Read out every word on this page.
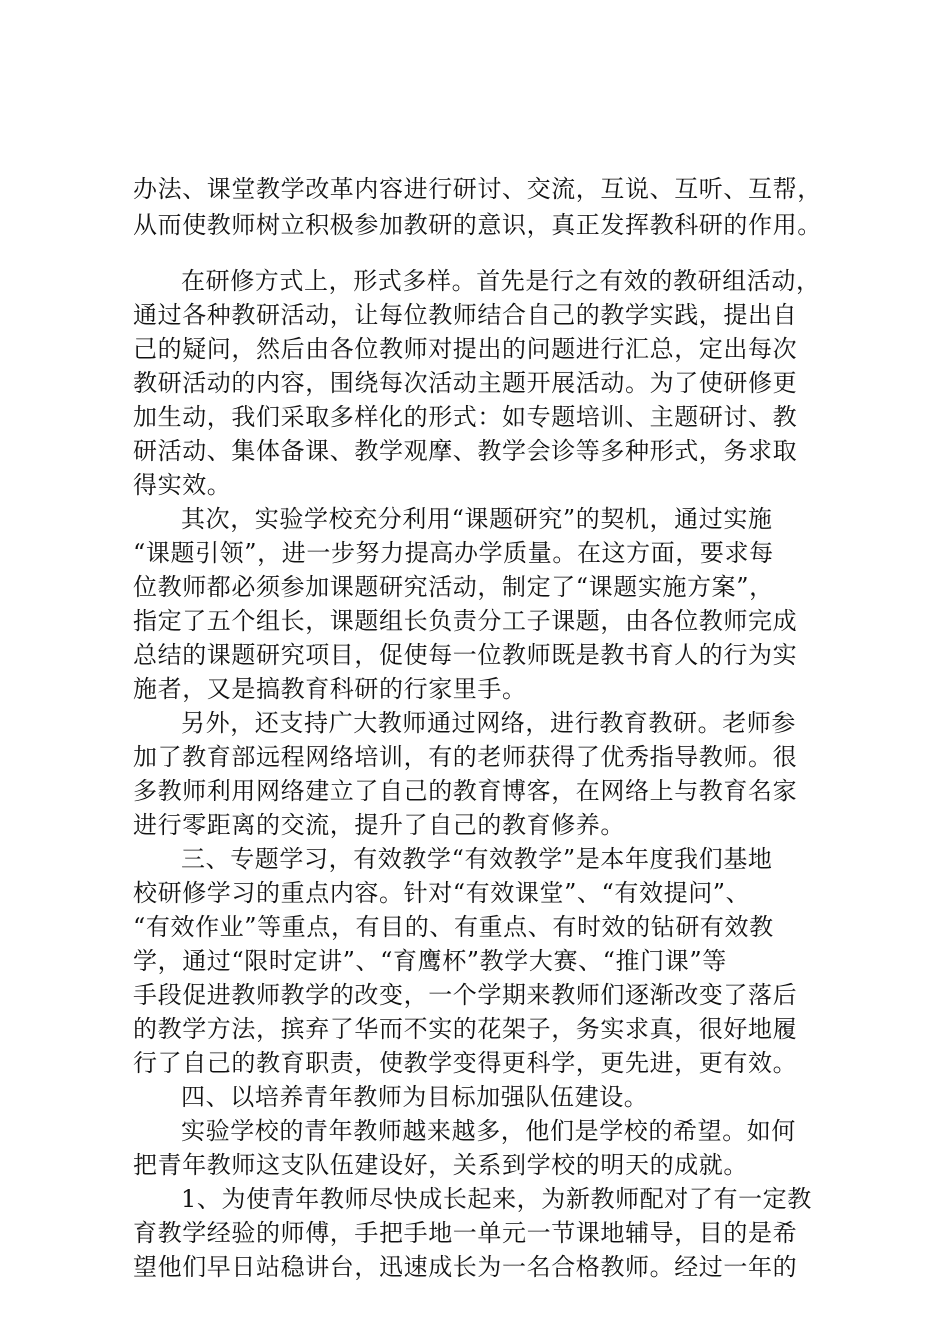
办法、课堂教学改革内容进行研讨、交流，互说、互听、互帮，
从而使教师树立积极参加教研的意识，真正发挥教科研的作用。
在研修方式上，形式多样。首先是行之有效的教研组活动，
通过各种教研活动，让每位教师结合自己的教学实践，提出自
己的疑问，然后由各位教师对提出的问题进行汇总，定出每次
教研活动的内容，围绕每次活动主题开展活动。为了使研修更
加生动，我们采取多样化的形式：如专题培训、主题研讨、教
研活动、集体备课、教学观摩、教学会诊等多种形式，务求取
得实效。
其次，实验学校充分利用“课题研究”的契机，通过实施
“课题引领”，进一步努力提高办学质量。在这方面，要求每
位教师都必须参加课题研究活动，制定了“课题实施方案”，
指定了五个组长，课题组长负责分工子课题，由各位教师完成
总结的课题研究项目，促使每一位教师既是教书育人的行为实
施者，又是搞教育科研的行家里手。
另外，还支持广大教师通过网络，进行教育教研。老师参
加了教育部远程网络培训，有的老师获得了优秀指导教师。很
多教师利用网络建立了自己的教育博客，在网络上与教育名家
进行零距离的交流，提升了自己的教育修养。
三、专题学习，有效教学“有效教学”是本年度我们基地
校研修学习的重点内容。针对“有效课堂”、“有效提问”、
“有效作业”等重点，有目的、有重点、有时效的钻研有效教
学，通过“限时定讲”、“育鹰杯”教学大赛、“推门课”等
手段促进教师教学的改变，一个学期来教师们逐渐改变了落后
的教学方法，摈弃了华而不实的花架子，务实求真，很好地履
行了自己的教育职责，使教学变得更科学，更先进，更有效。
四、以培养青年教师为目标加强队伍建设。
实验学校的青年教师越来越多，他们是学校的希望。如何
把青年教师这支队伍建设好，关系到学校的明天的成就。
1、为使青年教师尽快成长起来，为新教师配对了有一定教
育教学经验的师傅，手把手地一单元一节课地辅导，目的是希
望他们早日站稳讲台，迅速成长为一名合格教师。经过一年的
